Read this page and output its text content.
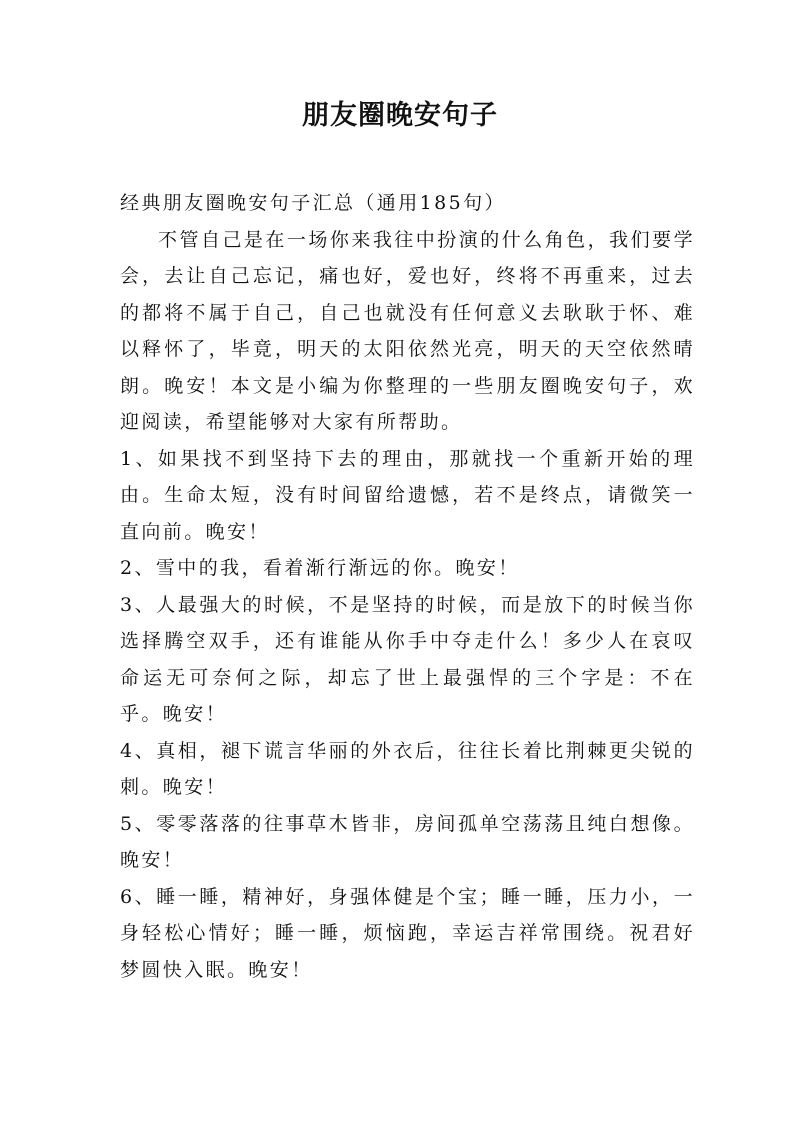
朋友圈晚安句子

经典朋友圈晚安句子汇总（通用185句）

不管自己是在一场你来我往中扮演的什么角色，我们要学会，去让自己忘记，痛也好，爱也好，终将不再重来，过去的都将不属于自己，自己也就没有任何意义去耿耿于怀、难以释怀了，毕竟，明天的太阳依然光亮，明天的天空依然晴朗。晚安！本文是小编为你整理的一些朋友圈晚安句子，欢迎阅读，希望能够对大家有所帮助。

1、如果找不到坚持下去的理由，那就找一个重新开始的理由。生命太短，没有时间留给遗憾，若不是终点，请微笑一直向前。晚安！

2、雪中的我，看着渐行渐远的你。晚安！

3、人最强大的时候，不是坚持的时候，而是放下的时候当你选择腾空双手，还有谁能从你手中夺走什么！多少人在哀叹命运无可奈何之际，却忘了世上最强悍的三个字是：不在乎。晚安！

4、真相，褪下谎言华丽的外衣后，往往长着比荆棘更尖锐的刺。晚安！

5、零零落落的往事草木皆非，房间孤单空荡荡且纯白想像。晚安！

6、睡一睡，精神好，身强体健是个宝；睡一睡，压力小，一身轻松心情好；睡一睡，烦恼跑，幸运吉祥常围绕。祝君好梦圆快入眠。晚安！
